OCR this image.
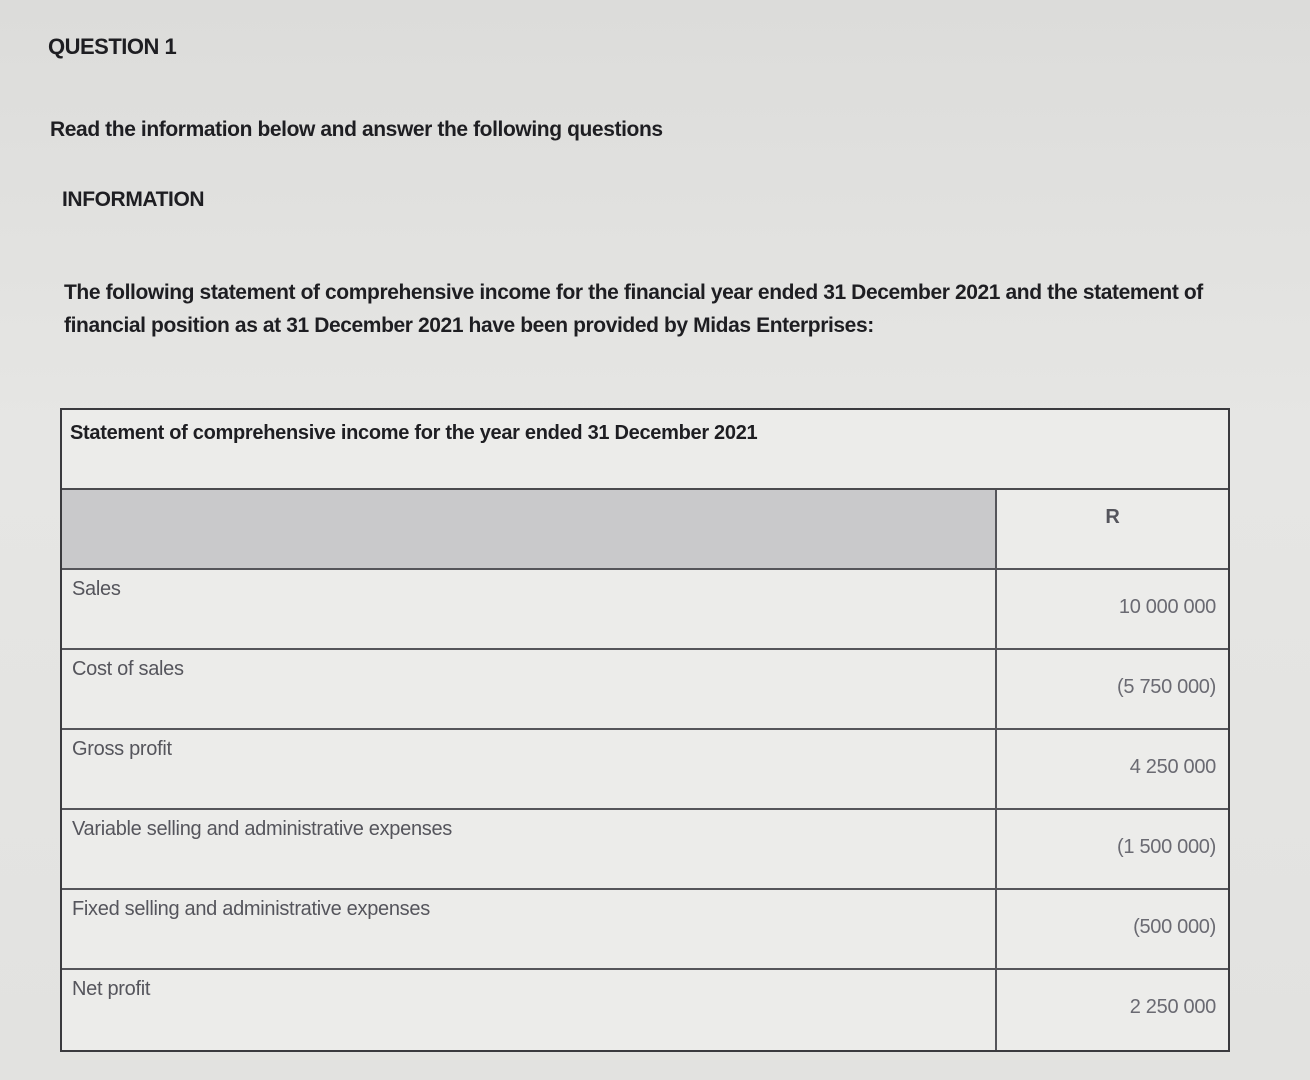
QUESTION 1

Read the information below and answer the following questions

INFORMATION

The following statement of comprehensive income for the financial year ended 31 December 2021 and the statement of financial position as at 31 December 2021 have been provided by Midas Enterprises:

Statement of comprehensive income for the year ended 31 December 2021
R
Sales
10 000 000
Cost of sales
(5 750 000)
Gross profit
4 250 000
Variable selling and administrative expenses
(1 500 000)
Fixed selling and administrative expenses
(500 000)
Net profit
2 250 000
